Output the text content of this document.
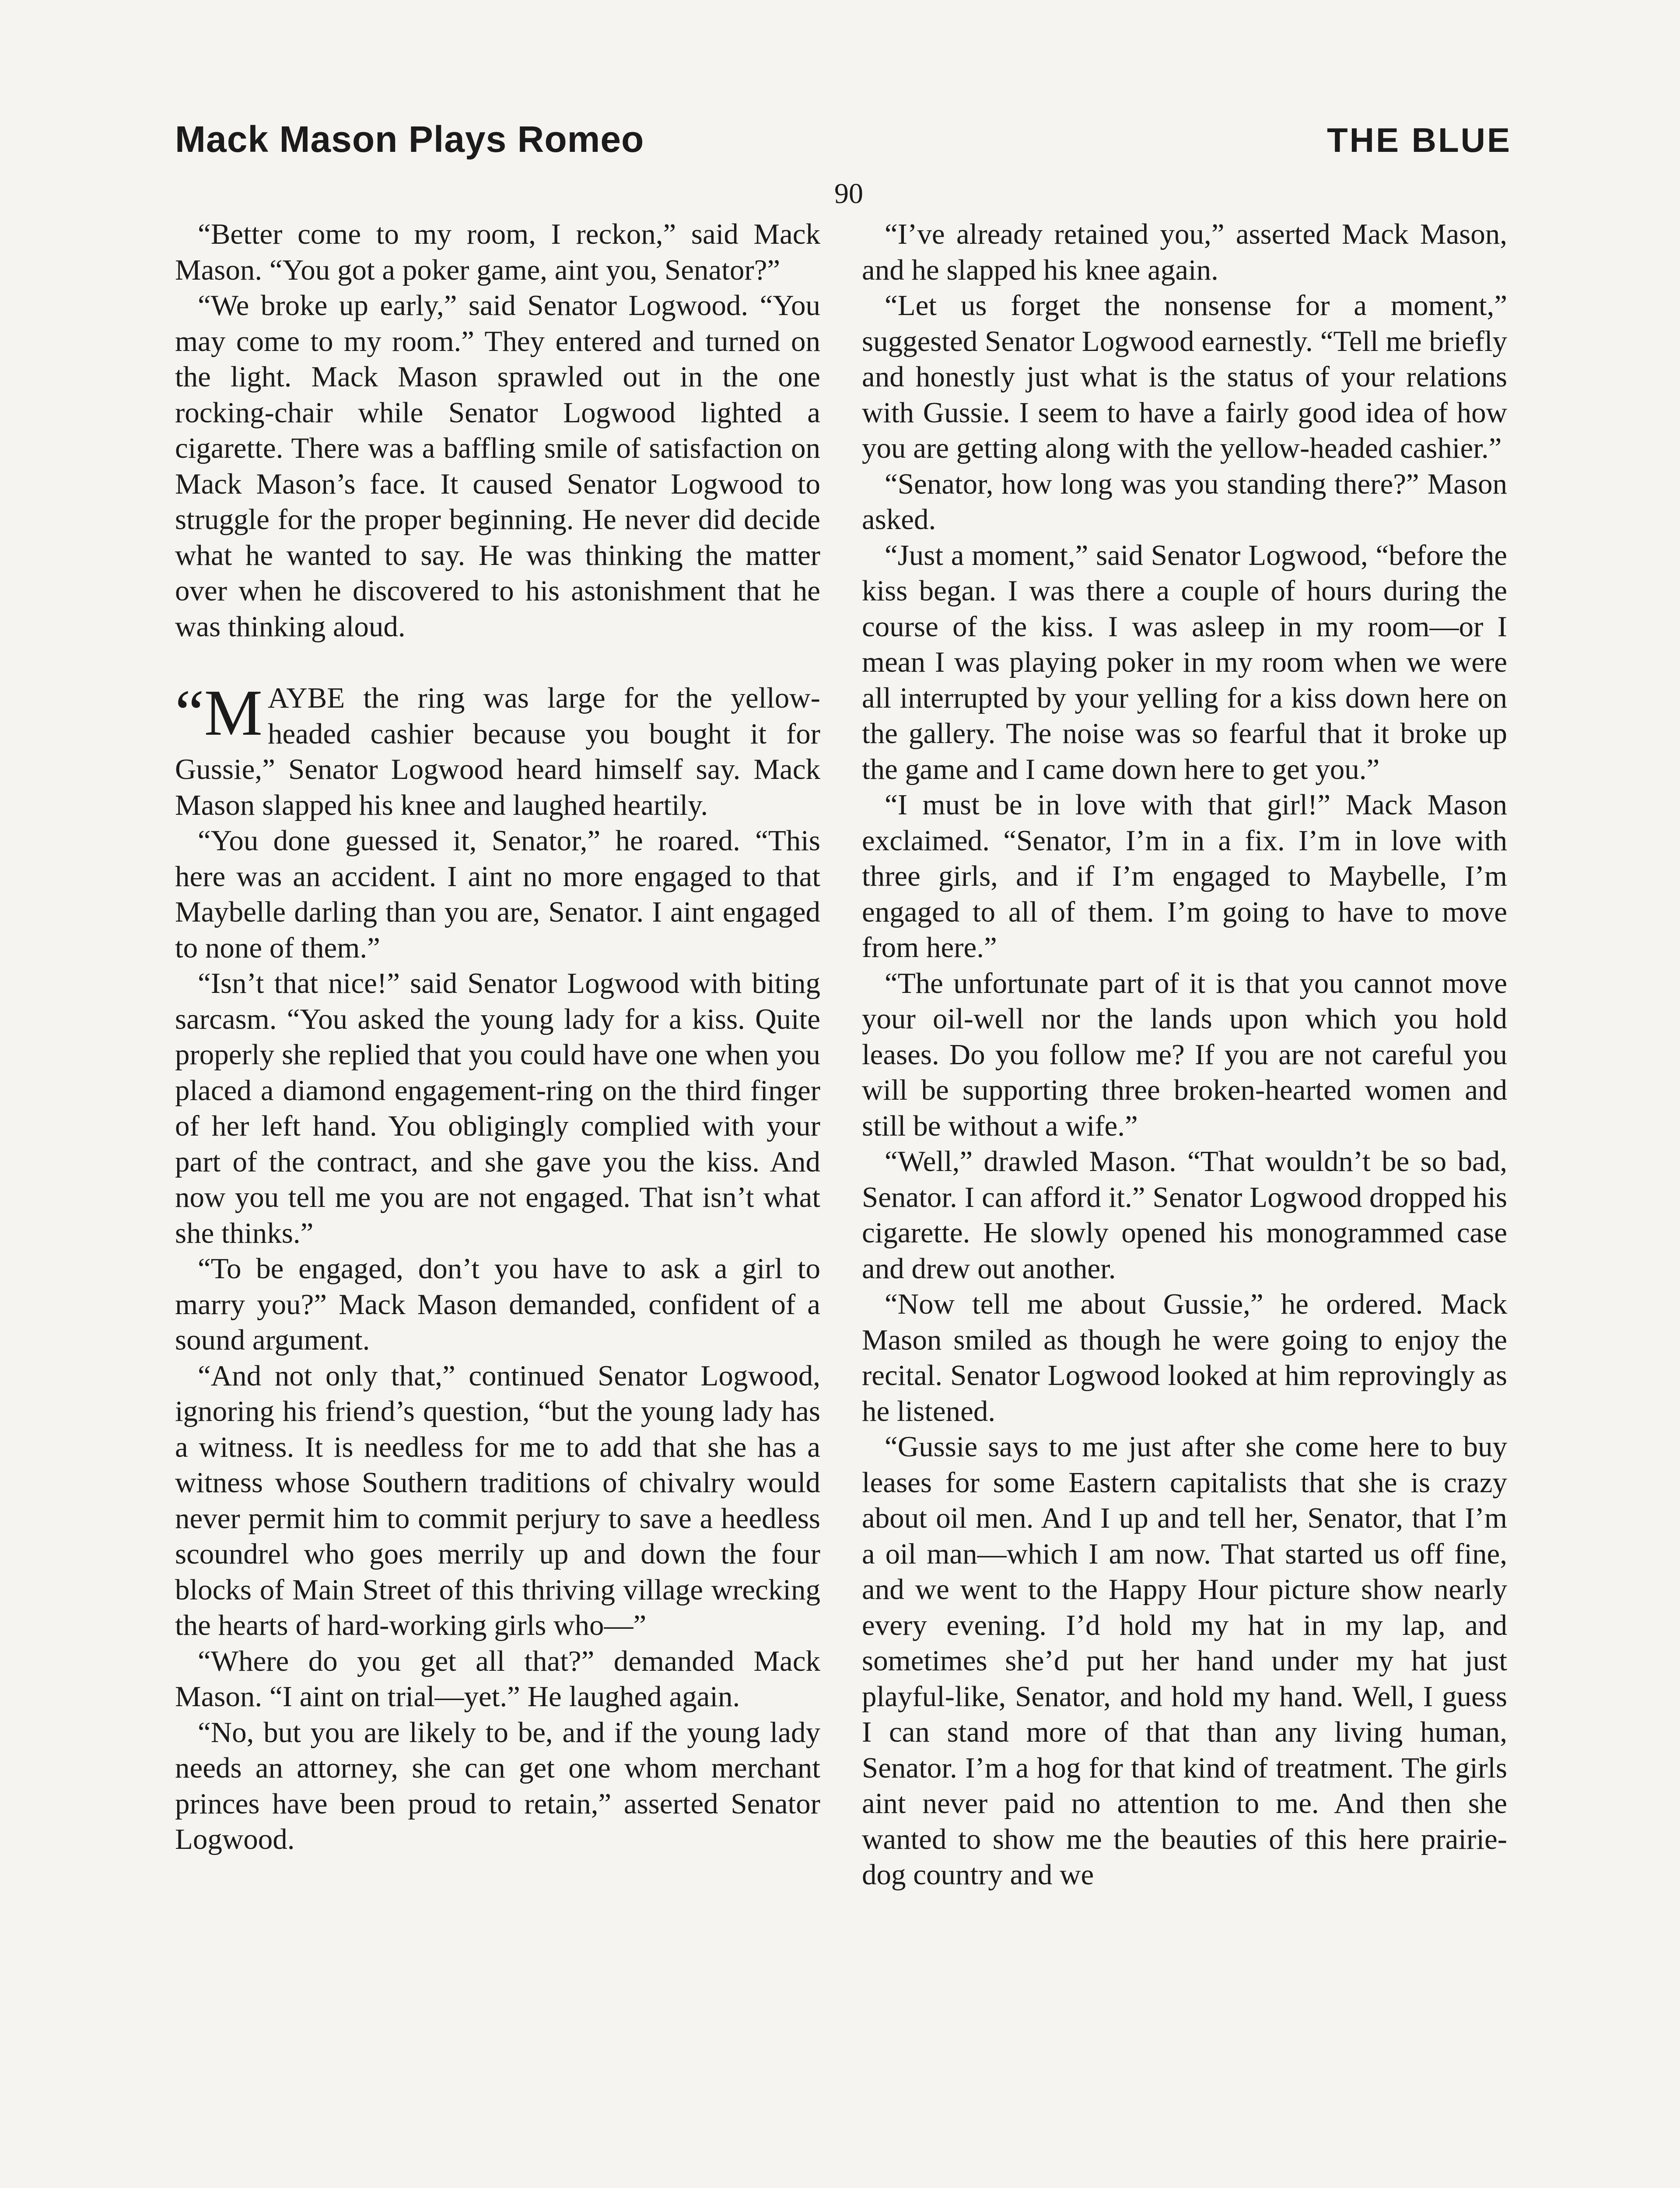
Mack Mason Plays Romeo	THE BLUE
90

“Better come to my room, I reckon,” said Mack Mason. “You got a poker game, aint you, Senator?”

“We broke up early,” said Senator Logwood. “You may come to my room.” They entered and turned on the light. Mack Mason sprawled out in the one rocking-chair while Senator Logwood lighted a cigarette. There was a baffling smile of satisfaction on Mack Mason’s face. It caused Senator Logwood to struggle for the proper beginning. He never did decide what he wanted to say. He was thinking the matter over when he discovered to his astonishment that he was thinking aloud.

“MAYBE the ring was large for the yellow-headed cashier because you bought it for Gussie,” Senator Logwood heard himself say. Mack Mason slapped his knee and laughed heartily.

“You done guessed it, Senator,” he roared. “This here was an accident. I aint no more engaged to that Maybelle darling than you are, Senator. I aint engaged to none of them.”

“Isn’t that nice!” said Senator Logwood with biting sarcasm. “You asked the young lady for a kiss. Quite properly she replied that you could have one when you placed a diamond engagement-ring on the third finger of her left hand. You obligingly complied with your part of the contract, and she gave you the kiss. And now you tell me you are not engaged. That isn’t what she thinks.”

“To be engaged, don’t you have to ask a girl to marry you?” Mack Mason demanded, confident of a sound argument.

“And not only that,” continued Senator Logwood, ignoring his friend’s question, “but the young lady has a witness. It is needless for me to add that she has a witness whose Southern traditions of chivalry would never permit him to commit perjury to save a heedless scoundrel who goes merrily up and down the four blocks of Main Street of this thriving village wrecking the hearts of hard-working girls who—”

“Where do you get all that?” demanded Mack Mason. “I aint on trial—yet.” He laughed again.

“No, but you are likely to be, and if the young lady needs an attorney, she can get one whom merchant princes have been proud to retain,” asserted Senator Logwood.

“I’ve already retained you,” asserted Mack Mason, and he slapped his knee again.

“Let us forget the nonsense for a moment,” suggested Senator Logwood earnestly. “Tell me briefly and honestly just what is the status of your relations with Gussie. I seem to have a fairly good idea of how you are getting along with the yellow-headed cashier.”

“Senator, how long was you standing there?” Mason asked.

“Just a moment,” said Senator Logwood, “before the kiss began. I was there a couple of hours during the course of the kiss. I was asleep in my room—or I mean I was playing poker in my room when we were all interrupted by your yelling for a kiss down here on the gallery. The noise was so fearful that it broke up the game and I came down here to get you.”

“I must be in love with that girl!” Mack Mason exclaimed. “Senator, I’m in a fix. I’m in love with three girls, and if I’m engaged to Maybelle, I’m engaged to all of them. I’m going to have to move from here.”

“The unfortunate part of it is that you cannot move your oil-well nor the lands upon which you hold leases. Do you follow me? If you are not careful you will be supporting three broken-hearted women and still be without a wife.”

“Well,” drawled Mason. “That wouldn’t be so bad, Senator. I can afford it.” Senator Logwood dropped his cigarette. He slowly opened his monogrammed case and drew out another.

“Now tell me about Gussie,” he ordered. Mack Mason smiled as though he were going to enjoy the recital. Senator Logwood looked at him reprovingly as he listened.

“Gussie says to me just after she come here to buy leases for some Eastern capitalists that she is crazy about oil men. And I up and tell her, Senator, that I’m a oil man—which I am now. That started us off fine, and we went to the Happy Hour picture show nearly every evening. I’d hold my hat in my lap, and sometimes she’d put her hand under my hat just playful-like, Senator, and hold my hand. Well, I guess I can stand more of that than any living human, Senator. I’m a hog for that kind of treatment. The girls aint never paid no attention to me. And then she wanted to show me the beauties of this here prairie-dog country and we
